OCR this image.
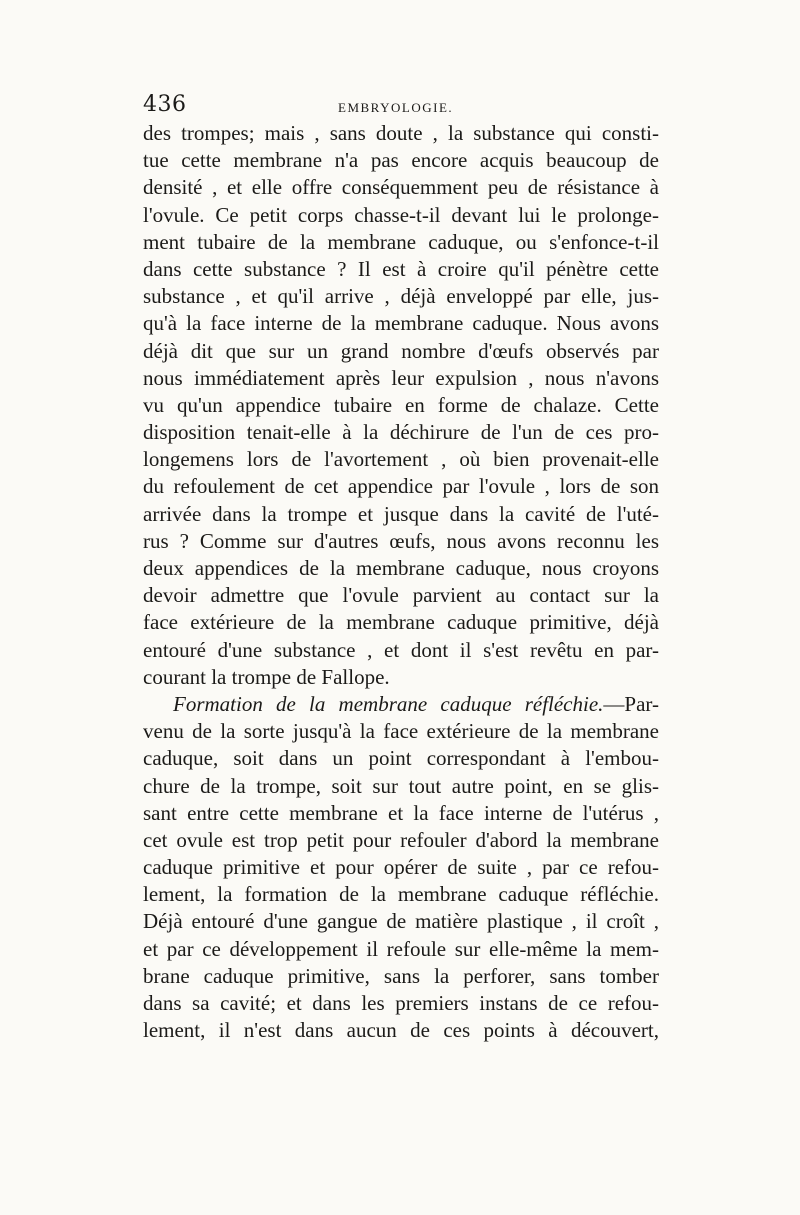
436	EMBRYOLOGIE.
des trompes; mais , sans doute , la substance qui consti-
tue cette membrane n'a pas encore acquis beaucoup de
densité , et elle offre conséquemment peu de résistance à
l'ovule. Ce petit corps chasse-t-il devant lui le prolonge-
ment tubaire de la membrane caduque, ou s'enfonce-t-il
dans cette substance ? Il est à croire qu'il pénètre cette
substance , et qu'il arrive , déjà enveloppé par elle, jus-
qu'à la face interne de la membrane caduque. Nous avons
déjà dit que sur un grand nombre d'œufs observés par
nous immédiatement après leur expulsion , nous n'avons
vu qu'un appendice tubaire en forme de chalaze. Cette
disposition tenait-elle à la déchirure de l'un de ces pro-
longemens lors de l'avortement , où bien provenait-elle
du refoulement de cet appendice par l'ovule , lors de son
arrivée dans la trompe et jusque dans la cavité de l'uté-
rus ? Comme sur d'autres œufs, nous avons reconnu les
deux appendices de la membrane caduque, nous croyons
devoir admettre que l'ovule parvient au contact sur la
face extérieure de la membrane caduque primitive, déjà
entouré d'une substance , et dont il s'est revêtu en par-
courant la trompe de Fallope.
Formation de la membrane caduque réfléchie.—Par-
venu de la sorte jusqu'à la face extérieure de la membrane
caduque, soit dans un point correspondant à l'embou-
chure de la trompe, soit sur tout autre point, en se glis-
sant entre cette membrane et la face interne de l'utérus ,
cet ovule est trop petit pour refouler d'abord la membrane
caduque primitive et pour opérer de suite , par ce refou-
lement, la formation de la membrane caduque réfléchie.
Déjà entouré d'une gangue de matière plastique , il croît ,
et par ce développement il refoule sur elle-même la mem-
brane caduque primitive, sans la perforer, sans tomber
dans sa cavité; et dans les premiers instans de ce refou-
lement, il n'est dans aucun de ces points à découvert,
